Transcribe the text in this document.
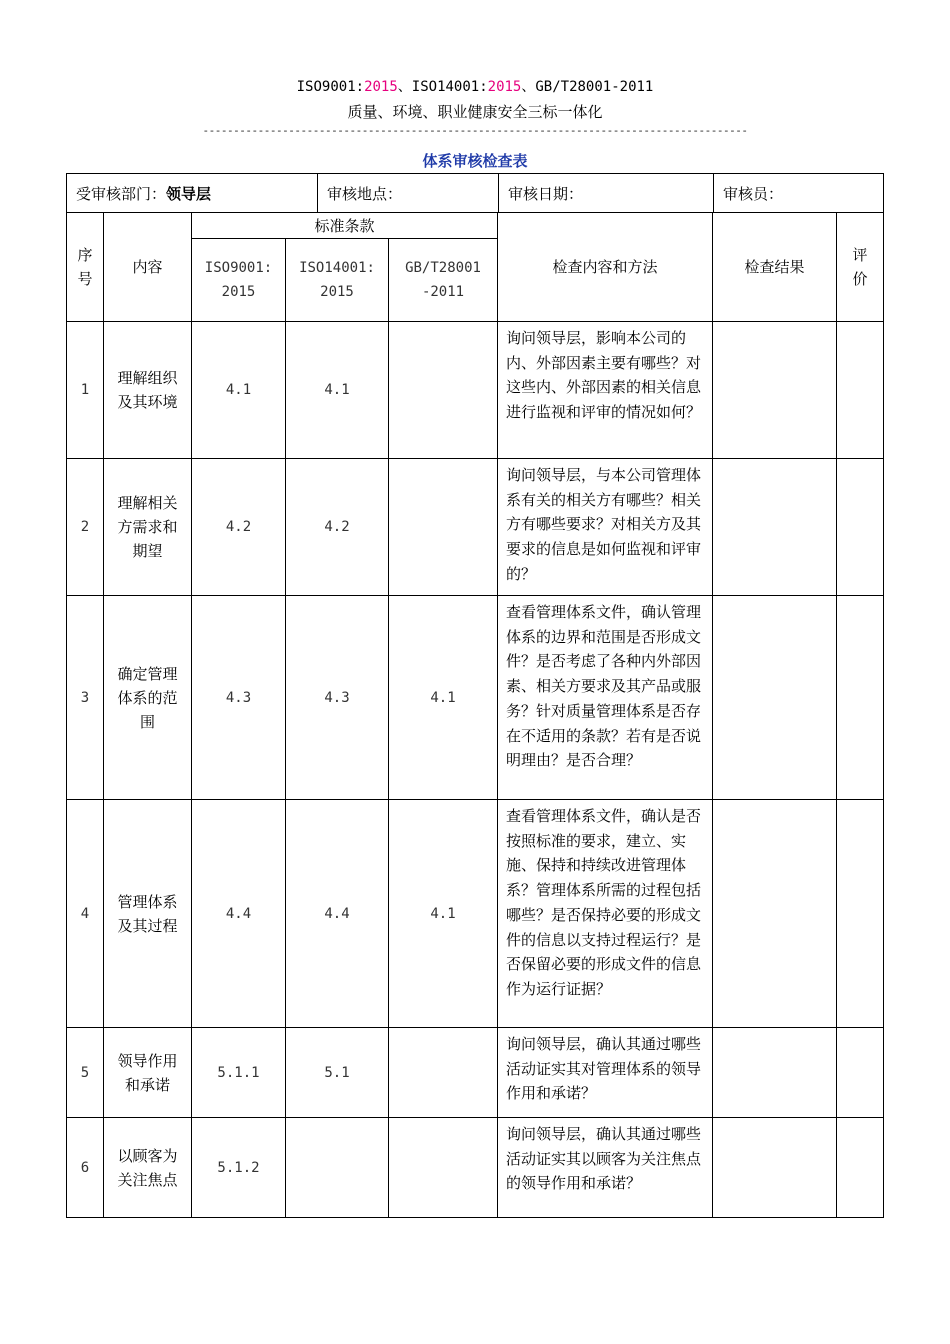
ISO9001:2015、ISO14001:2015、GB/T28001-2011
质量、环境、职业健康安全三标一体化
-----------------------------------------------------------------------------------------
体系审核检查表
受审核部门：领导层	审核地点：	审核日期：	审核员：
序号	内容	标准条款			检查内容和方法	检查结果	评价

		ISO9001:2015	ISO14001:2015	GB/T28001-2011			

1	理解组织及其环境	4.1	4.1		询问领导层，影响本公司的内、外部因素主要有哪些？对这些内、外部因素的相关信息进行监视和评审的情况如何？		
2	理解相关方需求和期望	4.2	4.2		询问领导层，与本公司管理体系有关的相关方有哪些？相关方有哪些要求？对相关方及其要求的信息是如何监视和评审的？		
3	确定管理体系的范围	4.3	4.3	4.1	查看管理体系文件，确认管理体系的边界和范围是否形成文件？是否考虑了各种内外部因素、相关方要求及其产品或服务？针对质量管理体系是否存在不适用的条款？若有是否说明理由？是否合理？		
4	管理体系及其过程	4.4	4.4	4.1	查看管理体系文件，确认是否按照标准的要求，建立、实施、保持和持续改进管理体系？管理体系所需的过程包括哪些？是否保持必要的形成文件的信息以支持过程运行？是否保留必要的形成文件的信息作为运行证据？		
5	领导作用和承诺	5.1.1	5.1		询问领导层，确认其通过哪些活动证实其对管理体系的领导作用和承诺？		
6	以顾客为关注焦点	5.1.2			询问领导层，确认其通过哪些活动证实其以顾客为关注焦点的领导作用和承诺？		
